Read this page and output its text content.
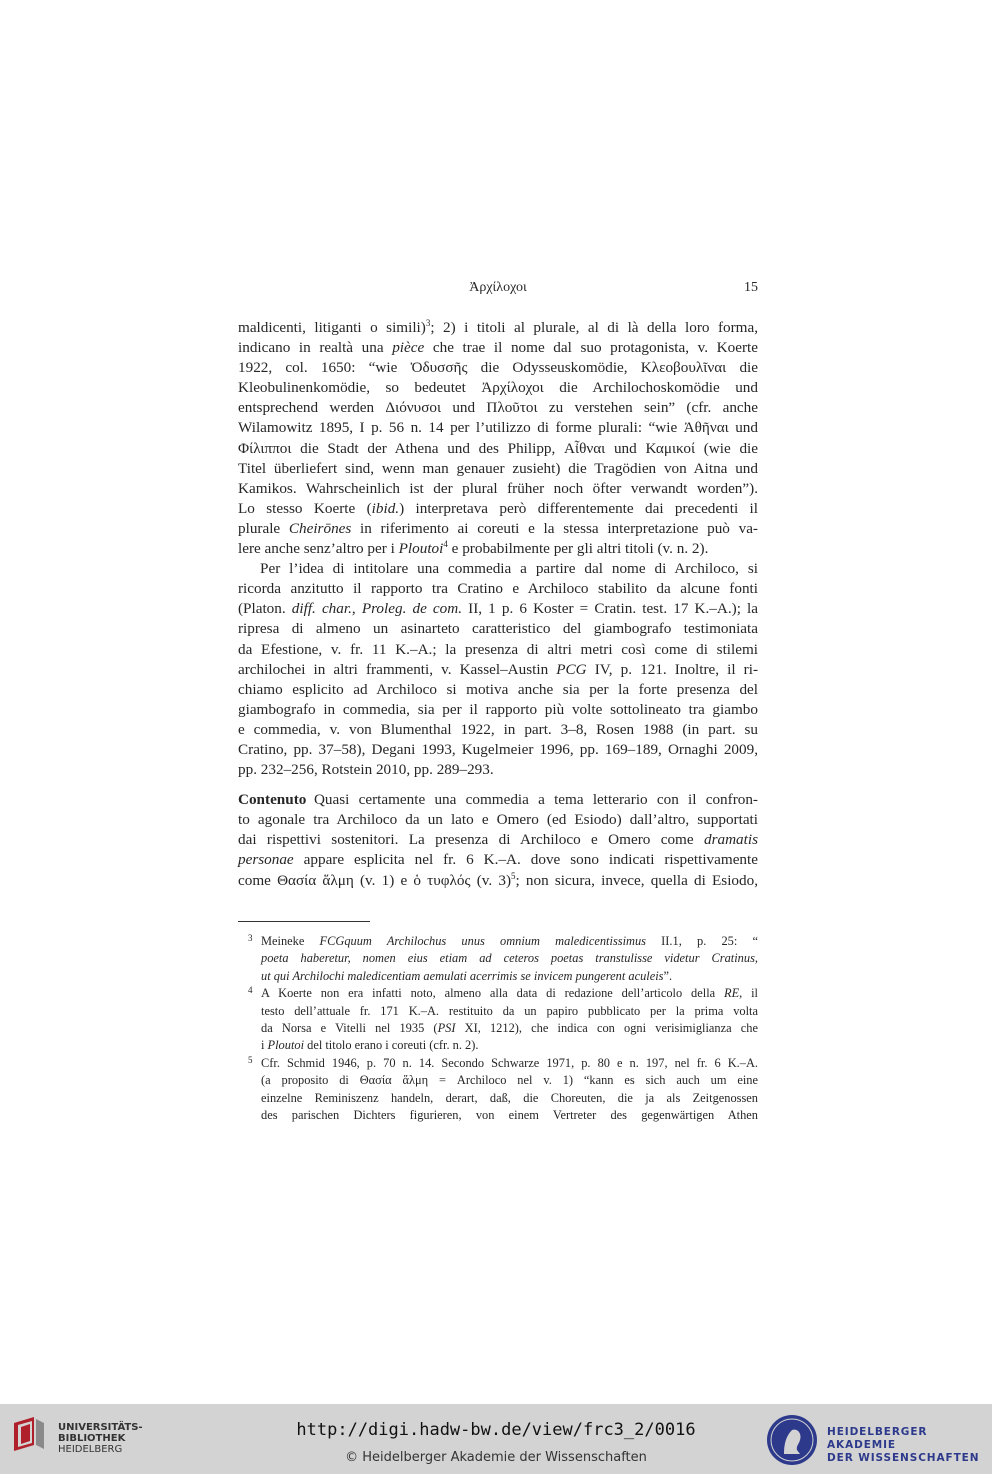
Ἀρχίλοχοι	15
maldicenti, litiganti o simili)$^3$; 2) i titoli al plurale, al di là della loro forma,
indicano in realtà una pièce che trae il nome dal suo protagonista, v. Koerte
1922, col. 1650: “wie Ὀδυσσῆς die Odysseuskomödie, Κλεοβουλῖναι die
Kleobulinenkomödie, so bedeutet Ἀρχίλοχοι die Archilochoskomödie und
entsprechend werden Διόνυσοι und Πλοῦτοι zu verstehen sein” (cfr. anche
Wilamowitz 1895, I p. 56 n. 14 per l’utilizzo di forme plurali: “wie Ἀθῆναι und
Φίλιπποι die Stadt der Athena und des Philipp, Αἶθναι und Καμικοί (wie die
Titel überliefert sind, wenn man genauer zusieht) die Tragödien von Aitna und
Kamikos. Wahrscheinlich ist der plural früher noch öfter verwandt worden”).
Lo stesso Koerte (ibid.) interpretava però differentemente dai precedenti il
plurale Cheirōnes in riferimento ai coreuti e la stessa interpretazione può va-
lere anche senz’altro per i Ploutoi$^4$ e probabilmente per gli altri titoli (v. n. 2).
Per l’idea di intitolare una commedia a partire dal nome di Archiloco, si
ricorda anzitutto il rapporto tra Cratino e Archiloco stabilito da alcune fonti
(Platon. diff. char., Proleg. de com. II, 1 p. 6 Koster = Cratin. test. 17 K.–A.); la
ripresa di almeno un asinarteto caratteristico del giambografo testimoniata
da Efestione, v. fr. 11 K.–A.; la presenza di altri metri così come di stilemi
archilochei in altri frammenti, v. Kassel–Austin PCG IV, p. 121. Inoltre, il ri-
chiamo esplicito ad Archiloco si motiva anche sia per la forte presenza del
giambografo in commedia, sia per il rapporto più volte sottolineato tra giambo
e commedia, v. von Blumenthal 1922, in part. 3–8, Rosen 1988 (in part. su
Cratino, pp. 37–58), Degani 1993, Kugelmeier 1996, pp. 169–189, Ornaghi 2009,
pp. 232–256, Rotstein 2010, pp. 289–293.
Contenuto  Quasi certamente una commedia a tema letterario con il confron-
to agonale tra Archiloco da un lato e Omero (ed Esiodo) dall’altro, supportati
dai rispettivi sostenitori. La presenza di Archiloco e Omero come dramatis
personae appare esplicita nel fr. 6 K.–A. dove sono indicati rispettivamente
come Θασία ἅλμη (v. 1) e ὁ τυφλός (v. 3)$^5$; non sicura, invece, quella di Esiodo,
3 Meineke FCGquum Archilochus unus omnium maledicentissimus II.1, p. 25: “
poeta haberetur, nomen eius etiam ad ceteros poetas transtulisse videtur Cratinus,
ut qui Archilochi maledicentiam aemulati acerrimis se invicem pungerent aculeis”.
4 A Koerte non era infatti noto, almeno alla data di redazione dell’articolo della RE, il
testo dell’attuale fr. 171 K.–A. restituito da un papiro pubblicato per la prima volta
da Norsa e Vitelli nel 1935 (PSI XI, 1212), che indica con ogni verisimiglianza che
i Ploutoi del titolo erano i coreuti (cfr. n. 2).
5 Cfr. Schmid 1946, p. 70 n. 14. Secondo Schwarze 1971, p. 80 e n. 197, nel fr. 6 K.–A.
(a proposito di Θασία ἅλμη = Archiloco nel v. 1) “kann es sich auch um eine
einzelne Reminiszenz handeln, derart, daß, die Choreuten, die ja als Zeitgenossen
des parischen Dichters figurieren, von einem Vertreter des gegenwärtigen Athen
UNIVERSITÄTS-
BIBLIOTHEK
HEIDELBERG
http://digi.hadw-bw.de/view/frc3_2/0016
© Heidelberger Akademie der Wissenschaften
HEIDELBERGER AKADEMIE
DER WISSENSCHAFTEN
